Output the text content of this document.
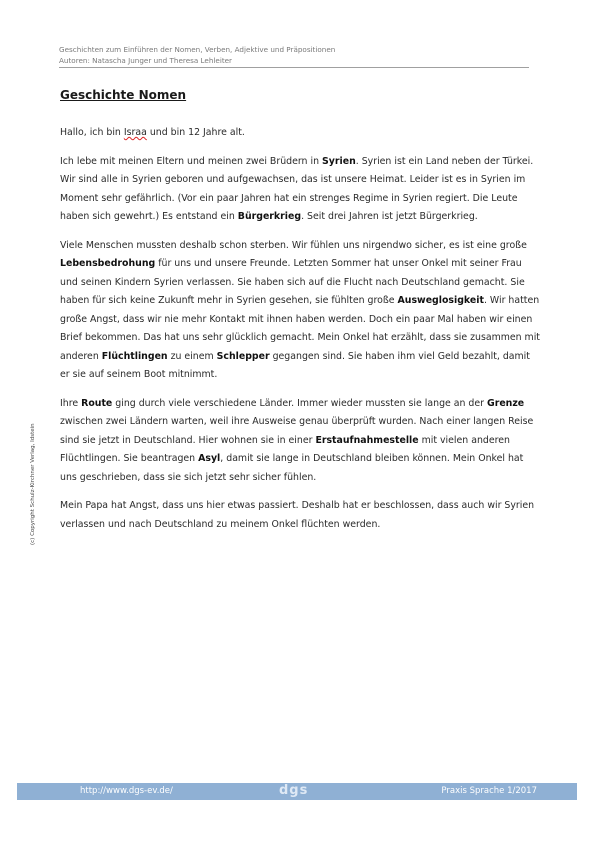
Geschichten zum Einführen der Nomen, Verben, Adjektive und Präpositionen
Autoren: Natascha Junger und Theresa Lehleiter
Geschichte Nomen

Hallo, ich bin Israa und bin 12 Jahre alt.

Ich lebe mit meinen Eltern und meinen zwei Brüdern in Syrien. Syrien ist ein Land neben der Türkei. Wir sind alle in Syrien geboren und aufgewachsen, das ist unsere Heimat. Leider ist es in Syrien im Moment sehr gefährlich. (Vor ein paar Jahren hat ein strenges Regime in Syrien regiert. Die Leute haben sich gewehrt.) Es entstand ein Bürgerkrieg. Seit drei Jahren ist jetzt Bürgerkrieg.

Viele Menschen mussten deshalb schon sterben. Wir fühlen uns nirgendwo sicher, es ist eine große Lebensbedrohung für uns und unsere Freunde. Letzten Sommer hat unser Onkel mit seiner Frau und seinen Kindern Syrien verlassen. Sie haben sich auf die Flucht nach Deutschland gemacht. Sie haben für sich keine Zukunft mehr in Syrien gesehen, sie fühlten große Ausweglosigkeit. Wir hatten große Angst, dass wir nie mehr Kontakt mit ihnen haben werden. Doch ein paar Mal haben wir einen Brief bekommen. Das hat uns sehr glücklich gemacht. Mein Onkel hat erzählt, dass sie zusammen mit anderen Flüchtlingen zu einem Schlepper gegangen sind. Sie haben ihm viel Geld bezahlt, damit er sie auf seinem Boot mitnimmt.

Ihre Route ging durch viele verschiedene Länder. Immer wieder mussten sie lange an der Grenze zwischen zwei Ländern warten, weil ihre Ausweise genau überprüft wurden. Nach einer langen Reise sind sie jetzt in Deutschland. Hier wohnen sie in einer Erstaufnahmestelle mit vielen anderen Flüchtlingen. Sie beantragen Asyl, damit sie lange in Deutschland bleiben können. Mein Onkel hat uns geschrieben, dass sie sich jetzt sehr sicher fühlen.

Mein Papa hat Angst, dass uns hier etwas passiert. Deshalb hat er beschlossen, dass auch wir Syrien verlassen und nach Deutschland zu meinem Onkel flüchten werden.

(c) Copyright Schulz-Kirchner Verlag, Idstein
http://www.dgs-ev.de/	dgs	Praxis Sprache 1/2017
